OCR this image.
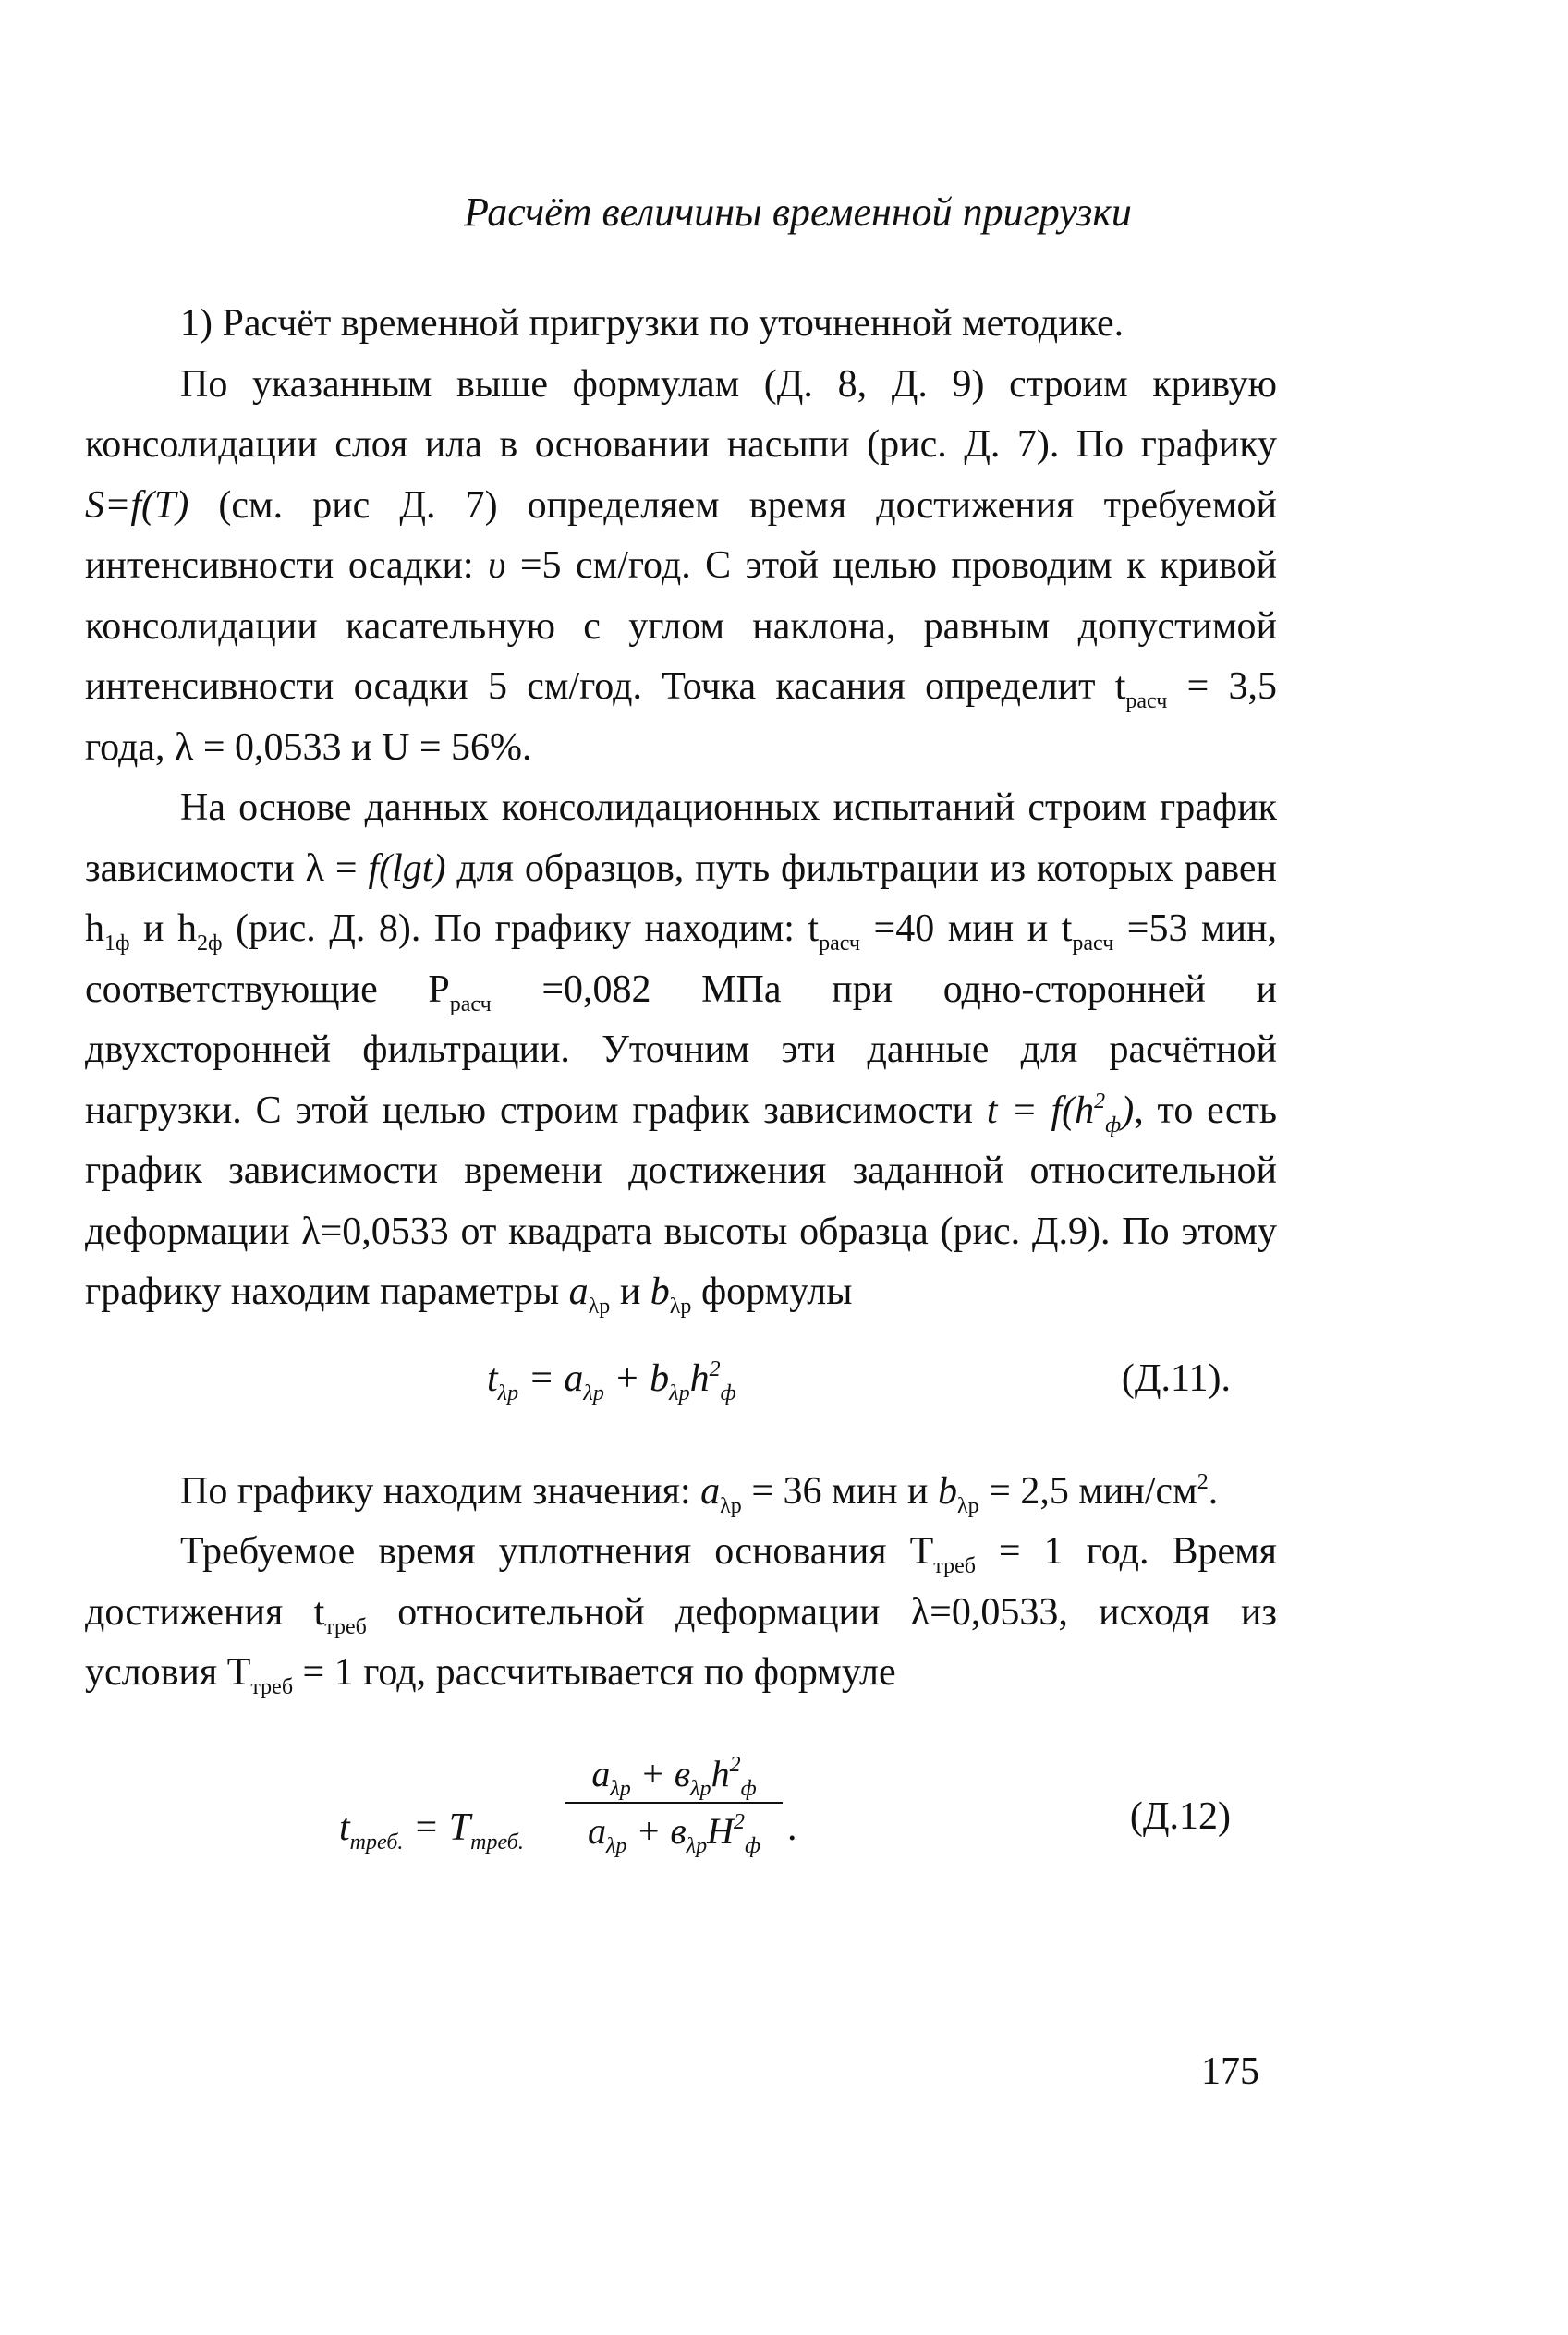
Расчёт величины временной пригрузки

1) Расчёт временной пригрузки по уточненной методике.

По указанным выше формулам (Д. 8, Д. 9) строим кривую консолидации слоя ила в основании насыпи (рис. Д. 7). По графику S=f(T) (см. рис Д. 7) определяем время достижения требуемой интенсивности осадки: υ =5 см/год. С этой целью проводим к кривой консолидации касательную с углом наклона, равным допустимой интенсивности осадки 5 см/год. Точка касания определит $t_{расч} = 3,5$ года, λ = 0,0533 и U = 56%.

На основе данных консолидационных испытаний строим график зависимости λ = f(lgt) для образцов, путь фильтрации из которых равен $h_{1ф}$ и $h_{2ф}$ (рис. Д. 8). По графику находим: $t_{расч} =40$ мин и $t_{расч} =53$ мин, соответствующие $P_{расч} =0,082$ МПа при одно-сторонней и двухсторонней фильтрации. Уточним эти данные для расчётной нагрузки. С этой целью строим график зависимости $t = f(h^2_ф)$, то есть график зависимости времени достижения заданной относительной деформации λ=0,0533 от квадрата высоты образца (рис. Д.9). По этому графику находим параметры $a_{\lambda р}$ и $b_{\lambda р}$ формулы

$t_{\lambda p} = a_{\lambda p} + b_{\lambda p}h^2_ф$	(Д.11).

По графику находим значения: $a_{\lambda p} = 36$ мин и $b_{\lambda p} = 2,5$ мин/$см^2$.

Требуемое время уплотнения основания $T_{треб} = 1$ год. Время достижения $t_{треб}$ относительной деформации λ=0,0533, исходя из условия $T_{треб} = 1$ год, рассчитывается по формуле

$t_{треб.} = T_{треб.}$
$a_{\lambda p} + в_{\lambda p}h^2_ф$
$a_{\lambda p} + в_{\lambda p}H^2_ф$ .	(Д.12)
175
